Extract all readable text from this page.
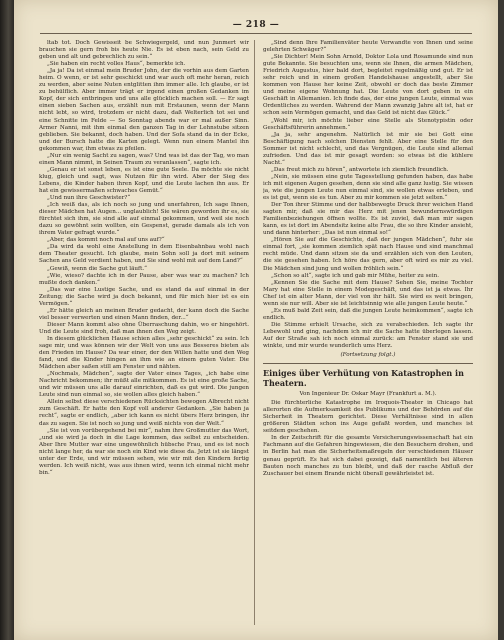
— 218 —

ltab tot. Doch Gewisseit be Schwiegergeld, und nun Junmert wir brauchen sie gern froh bis heute Nie. Es ist eben nach, sein Geld zu geben und alt und gebrechlich zu sein.“

„Sie haben ein recht volles Haus“, bemerkte ich.

„Ja ja! Da ist einmal mein Bruder John, der die vorhin aus dem Garten heim. O wenn, er ist sehr geschickt und war auch oft mehr heran, reich zu werden, aber seine Nuten entglitten ihm immer alle. Ich glaube, er ist zu behülflich. Aber immer trägt er irgend einen großen Gedanken im Kopf, der sich entbringen und uns alle glücklich machen soll. — Er sagt einen sieben Sachen aus, erzählt nun mit Erstaunen, wenn der Mann nicht lebt, so wird, trotzdem er nicht dazu, daß Welterlich tot sei und eine Schnitte im Felde — So Sonntag abends war er mal außer Sinn. Armer Nanni, mit ihm einmal den ganzen Tag in der Lehnstube sitzen geblieben. Sie bekannt, doch haben. Und der Sofa stand da in der Ecke, und der Bursch hatte die Karten gelegt. Wenn nun einem Mantel ihn gekommen war, ihm etwas zu pfeilen.

„Nur ein wenig Sacht zu sagen, was? Und was ist das der Tag, wo man einen Mann nimmt, in Seinen Traum zu veranlassen“, sagte ich.

„Genau er ist sonst leben, es ist eine gute Seele. Da möchte sie nicht klug, gleich und sagt, was Nutzen für ihn wird. Aber der Sieg des Lebens, die Kinder haben ihren Kopf, und die Leute lachen ihn aus. Er hat ein gewissermaßen schwaches Gemüt.“

„Und nun ihre Geschwister?“

„Ich weiß das, als ich noch so jung und unerfahren, Ich sage Ihnen, dieser Mädchen hat Augen... unglaublich! Sie wären geworden ihr es, sie fürchtet sich ihm, sie sind alle auf einmal gekommen, und weil sie noch dazu so gewöhnt sein wollten, ein Gespenst, gerade damals als ich von ihrem Vater gefragt wurde.“

„Aber, das kommt noch mal auf uns auf?“

„Da wird da wohl eine Anstellung in dem Eisenbahnbau wohl nach dem Theater gesucht. Ich glaube, mein Sohn soll ja dort mit seinem Sachen ans Geld verdient haben, und Sie sind wohl mit auf dem Land?“

„Gewiß, wenn die Sache gut läuft.“

„Wie, wieso? dachte ich in der Pause, aber was war zu machen? Ich mußte doch danken.“

„Das war eine Lustige Sache, und es stand da auf einmal in der Zeitung; die Sache wird ja doch bekannt, und für mich hier ist es ein Vermögen.“

„Er hätte gleich an meinen Bruder gedacht, der kann doch die Sache viel besser verwerten und einen Mann finden, der...“

Dieser Mann kommt also ohne Überraschung dahin, wo er hingehört. Und die Leute sind froh, daß man ihnen den Weg zeigt.

In diesem glücklichen Hause schien alles „sehr geschickt“ zu sein. Ich sage mir, und was können wir der Welt von uns aus Besseres bieten als den Frieden im Hause? Da war einer, der den Willen hatte und den Weg fand, und die Kinder hingen an ihm wie an einem guten Vater. Die Mädchen aber saßen still am Fenster und nähten.

„Nochmals, Mädchen“, sagte der Vater eines Tages, „ich habe eine Nachricht bekommen; ihr müßt alle mitkommen. Es ist eine große Sache, und wir müssen uns alle darauf einrichten, daß es gut wird. Die jungen Leute sind nun einmal so, sie wollen alles gleich haben.“

Allein selbst diese verschiedenen Rücksichten bewogen Albrecht nicht zum Geschäft. Er hatte den Kopf voll anderer Gedanken. „Sie haben ja recht“, sagte er endlich, „aber ich kann es nicht übers Herz bringen, ihr das zu sagen. Sie ist noch so jung und weiß nichts von der Welt.“

„Sie ist von vorübergehend bei mir“, nahm ihre Großmutter das Wort, „und sie wird ja doch in die Lage kommen, das selbst zu entscheiden. Aber Ihre Mutter war eine ungewöhnlich hübsche Frau, und es ist noch nicht lange her, da war sie noch ein Kind wie diese da. Jetzt ist sie längst unter der Erde, und wir müssen sehen, wie wir mit den Kindern fertig werden. Ich weiß nicht, was aus ihnen wird, wenn ich einmal nicht mehr bin.“

„Sind denn Ihre Familienväter heute Verwandte von Ihnen und seine gelehrten Schwäger?“

„Sie Dichter! Mein Sohn Arnold, Doktor Lola und Rosamunde sind nun gute Bekannte. Sie besuchten uns, wenn sie Ihnen, die armen Mädchen, Friedrich Augustus, hier bald dort, begleitet regelmäßig und gut. Er ist sehr reich und in einem großen Handelshause angestellt, aber Sie kommen von Hause her keine Zeit, obwohl er doch das beste Zimmer und meine eigene Wohnung hat. Die Leute von dort geben in ein Geschäft in Allemanien. Ich finde das, der eine jungen Leute, einmal was Ordentliches zu werden. Wahrend der Mann zwanzig Jahre alt ist, hat er schon sein Vermögen gemacht, und das Geld ist nicht das Glück.“

„Wohl mir, ich möchte lieber eine Stelle als Stenotypistin oder Geschäftsführerin annehmen.“

„Ja ja, sehr angenehm. Natürlich ist mir sie bei Gott eine Beschäftigung nach solchen Diensten fehlt. Aber eine Stelle für den Sommer ist nicht schlecht, und das Vergnügen, die Leute sind allemal zufrieden. Und das ist mir gesagt worden: so etwas ist die kühlere Nacht.“

„Das freut mich zu hören“, antwortete ich ziemlich freundlich.

„Nein, sie müssen eine gute Tagesstellung gefunden haben, das habe ich mit eigenen Augen gesehen, denn sie sind alle ganz lustig. Sie wissen ja, wie die jungen Leute nun einmal sind, sie wollen etwas erleben, und es ist gut, wenn sie es tun. Aber zu mir kommen sie jetzt selten.“

Der Ton ihrer Stimme und der halbbewegte Druck ihrer weichen Hand sagten mir, daß sie mir das Herz mit jenen bewundernswürdigen Familienbeziehungen öffnen wollte. Es ist zuviel, daß man mir sagen kann, es ist dort im Abendsitz keine alte Frau, die so ihre Kinder ansieht, und dann hinterher: „Das ist nun einmal so!“

„Hören Sie auf die Geschichte, daß der jungen Mädchen“, fuhr sie einmal fort, „sie kommen ziemlich spät nach Hause und sind manchmal recht müde. Und dann sitzen sie da und erzählen sich von den Leuten, die sie gesehen haben. Ich höre das gern, aber oft wird es mir zu viel. Die Mädchen sind jung und wollen fröhlich sein.“

„Schon so alt“, sagte ich und gab mir Mühe, heiter zu sein.

„Kennen Sie die Sache mit dem Hause? Sehen Sie, meine Tochter Mary hat eine Stelle in einem Modegeschäft, und das ist ja etwas. Ihr Chef ist ein alter Mann, der viel von ihr hält. Sie wird es weit bringen, wenn sie nur will. Aber sie ist leichtsinnig wie alle jungen Leute heute.“

„Es muß bald Zeit sein, daß die jungen Leute heimkommen“, sagte ich endlich.

Die Stimme erhielt Ursache, sich zu verabschieden. Ich sagte ihr Lebewohl und ging, nachdem ich mir die Sache hatte überlegen lassen. Auf der Straße sah ich noch einmal zurück: am Fenster stand sie und winkte, und mir wurde wunderlich ums Herz.

(Fortsetzung folgt.)

Einiges über Verhütung von Katastrophen in Theatern.

Von Ingenieur Dr. Oskar Mayr (Frankfurt a. M.).

Die fürchterliche Katastrophe im Iroquois-Theater in Chicago hat allerorten die Aufmerksamkeit des Publikums und der Behörden auf die Sicherheit in Theatern gerichtet. Diese Verhältnisse sind in allen größeren Städten schon ins Auge gefaßt worden, und manches ist seitdem geschehen.

In der Zeitschrift für die gesamte Versicherungswissenschaft hat ein Fachmann auf die Gefahren hingewiesen, die den Besuchern drohen, und in Berlin hat man die Sicherheitsmaßregeln der verschiedenen Häuser genau geprüft. Es hat sich dabei gezeigt, daß namentlich bei älteren Bauten noch manches zu tun bleibt, und daß der rasche Abfluß der Zuschauer bei einem Brande nicht überall gewährleistet ist.
